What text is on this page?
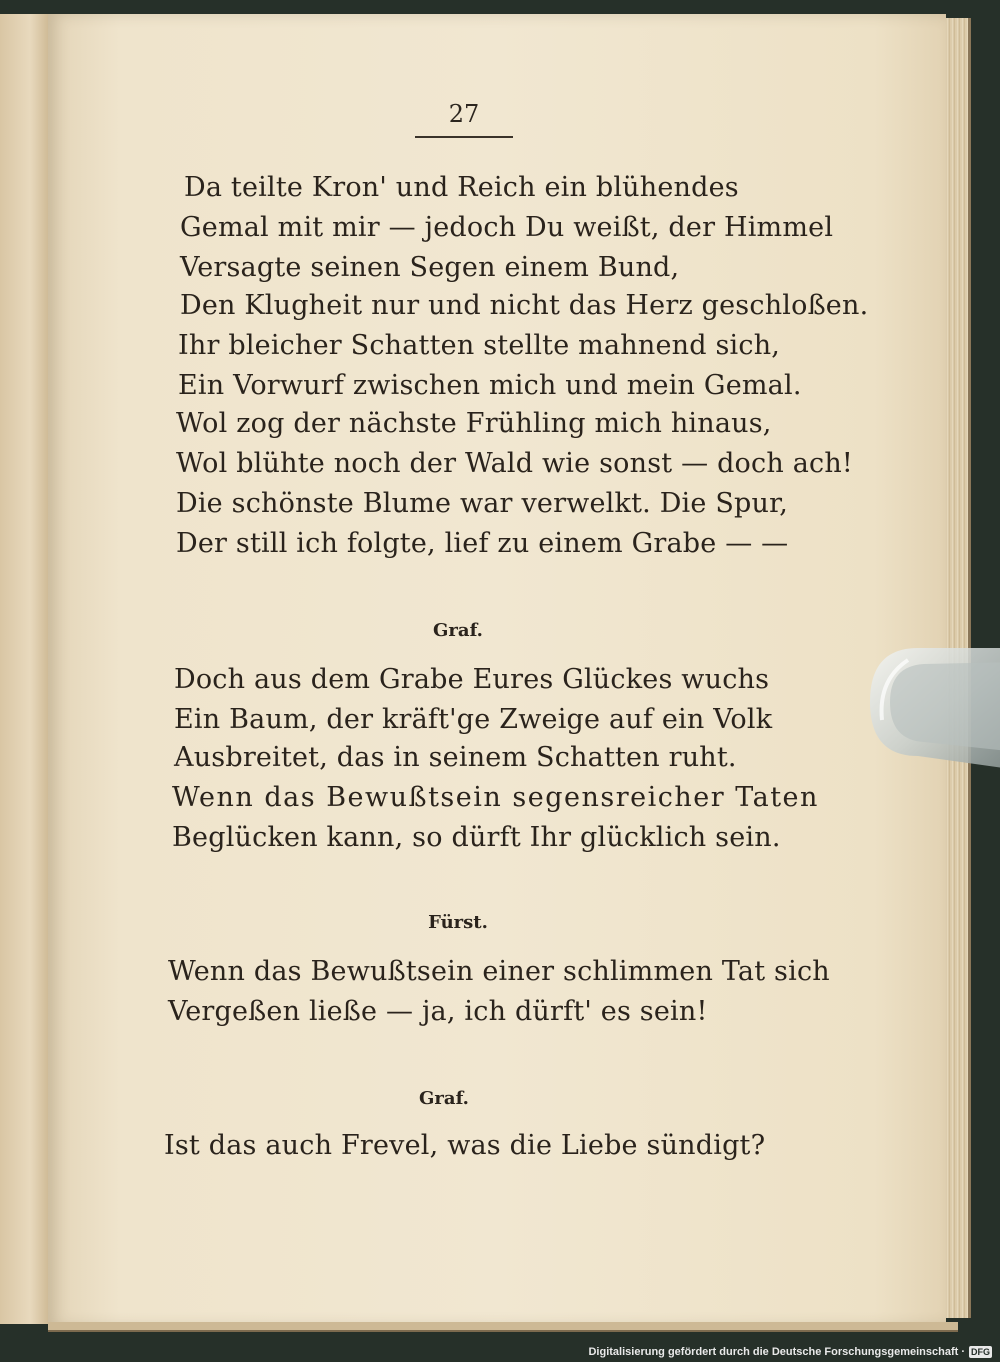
27
Da teilte Kron' und Reich ein blühendes
Gemal mit mir — jedoch Du weißt, der Himmel
Versagte seinen Segen einem Bund,
Den Klugheit nur und nicht das Herz geschloßen.
Ihr bleicher Schatten stellte mahnend sich,
Ein Vorwurf zwischen mich und mein Gemal.
Wol zog der nächste Frühling mich hinaus,
Wol blühte noch der Wald wie sonst — doch ach!
Die schönste Blume war verwelkt. Die Spur,
Der still ich folgte, lief zu einem Grabe — —
Graf.
Doch aus dem Grabe Eures Glückes wuchs
Ein Baum, der kräft'ge Zweige auf ein Volk
Ausbreitet, das in seinem Schatten ruht.
Wenn das Bewußtsein segensreicher Taten
Beglücken kann, so dürft Ihr glücklich sein.
Fürst.
Wenn das Bewußtsein einer schlimmen Tat sich
Vergeßen ließe — ja, ich dürft' es sein!
Graf.
Ist das auch Frevel, was die Liebe sündigt?
Digitalisierung gefördert durch die Deutsche Forschungsgemeinschaft · DFG
